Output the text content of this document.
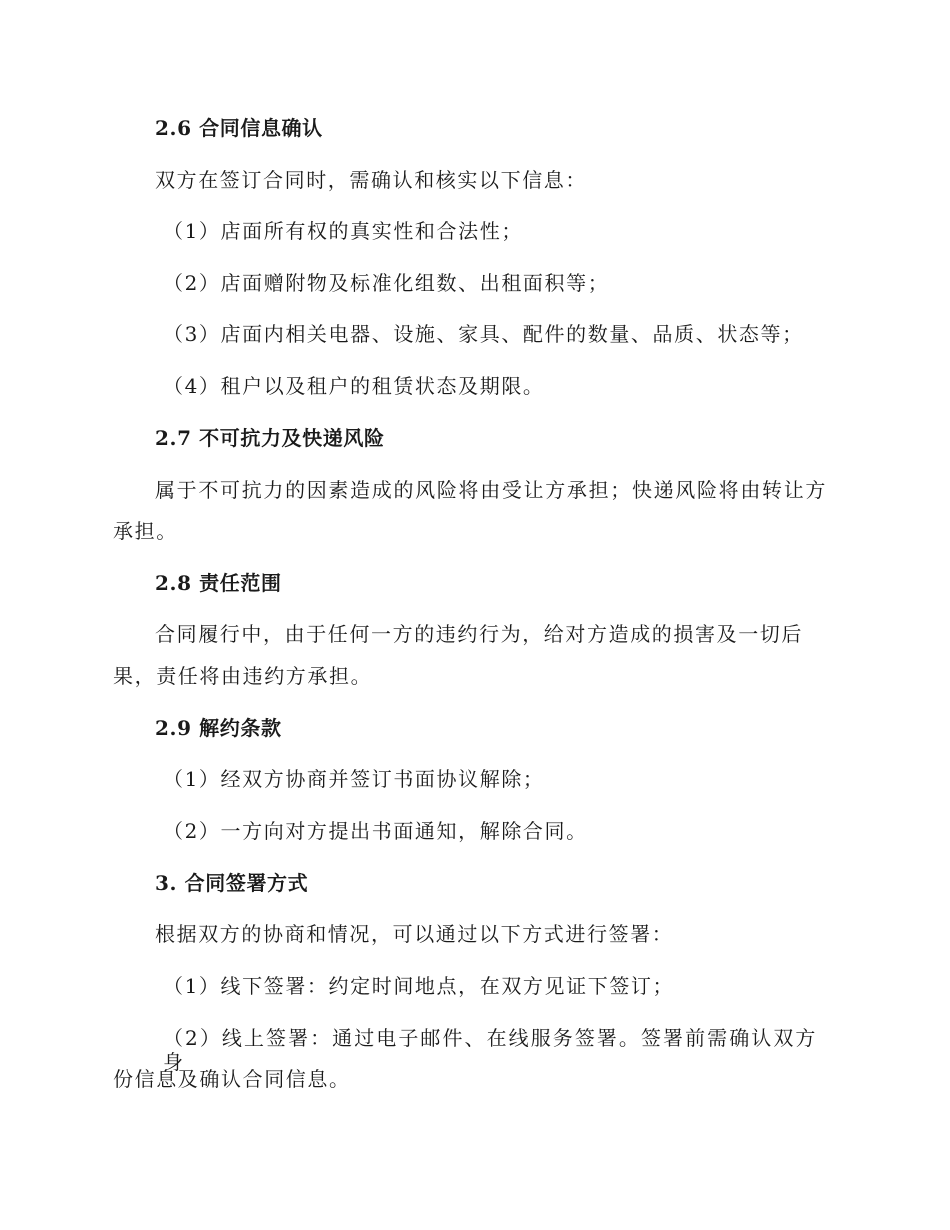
2.6 合同信息确认
双方在签订合同时，需确认和核实以下信息：
（1）店面所有权的真实性和合法性；
（2）店面赠附物及标准化组数、出租面积等；
（3）店面内相关电器、设施、家具、配件的数量、品质、状态等；
（4）租户以及租户的租赁状态及期限。
2.7 不可抗力及快递风险
属于不可抗力的因素造成的风险将由受让方承担；快递风险将由转让方
承担。
2.8 责任范围
合同履行中，由于任何一方的违约行为，给对方造成的损害及一切后
果，责任将由违约方承担。
2.9 解约条款
（1）经双方协商并签订书面协议解除；
（2）一方向对方提出书面通知，解除合同。
3. 合同签署方式
根据双方的协商和情况，可以通过以下方式进行签署：
（1）线下签署：约定时间地点，在双方见证下签订；
（2）线上签署：通过电子邮件、在线服务签署。签署前需确认双方身
份信息及确认合同信息。
